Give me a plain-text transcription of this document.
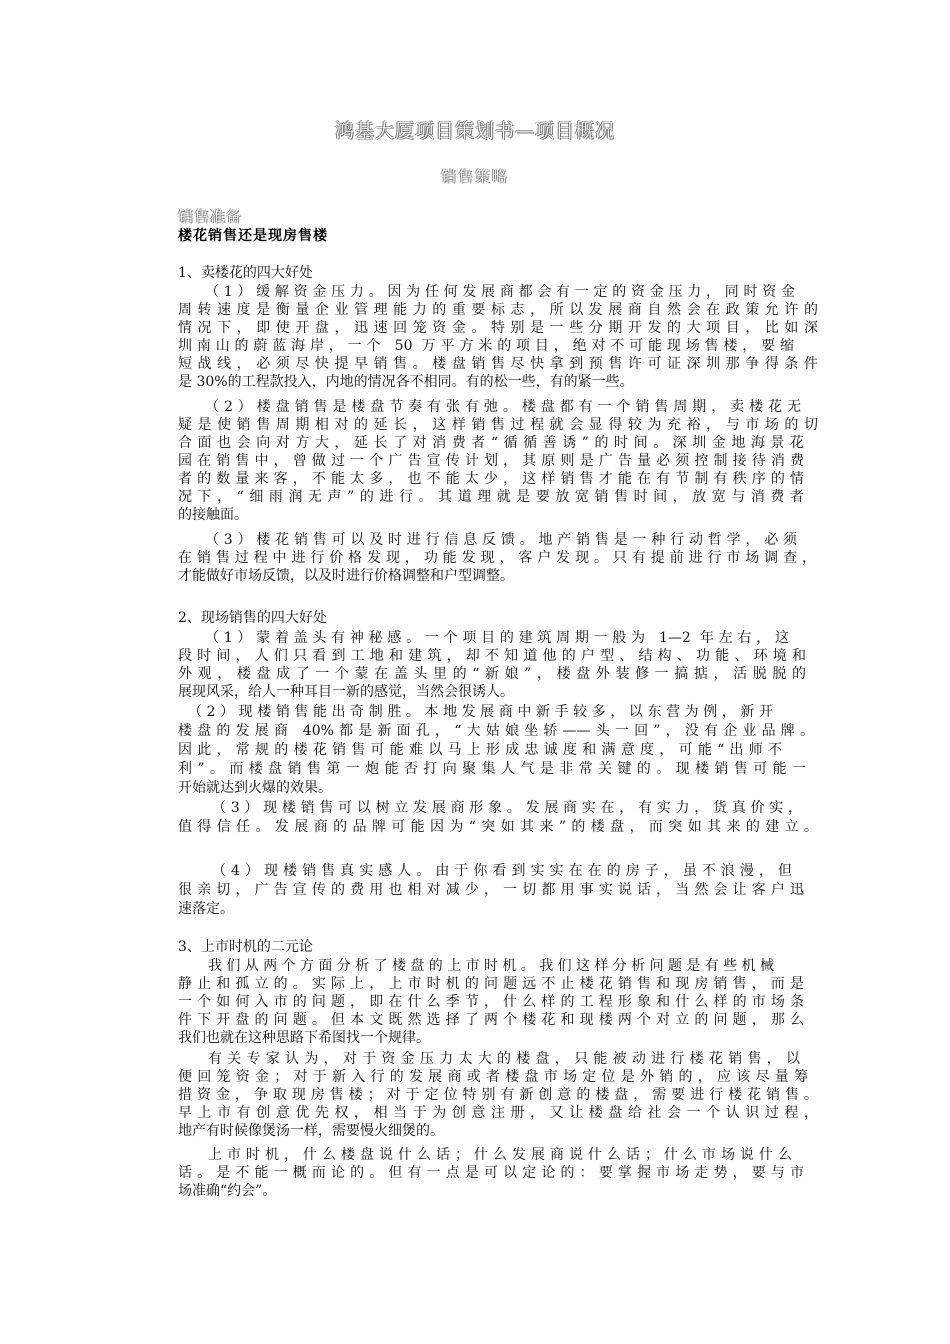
鸿基大厦项目策划书—项目概况
销售策略
销售准备
楼花销售还是现房售楼
1、卖楼花的四大好处
（1）缓解资金压力。因为任何发展商都会有一定的资金压力，同时资金
周转速度是衡量企业管理能力的重要标志，所以发展商自然会在政策允许的
情况下，即使开盘，迅速回笼资金。特别是一些分期开发的大项目，比如深
圳南山的蔚蓝海岸，一个 50 万平方米的项目，绝对不可能现场售楼，要缩
短战线，必须尽快提早销售。楼盘销售尽快拿到预售许可证深圳那争得条件
是 30%的工程款投入，内地的情况各不相同。有的松一些，有的紧一些。
（2）楼盘销售是楼盘节奏有张有弛。楼盘都有一个销售周期，卖楼花无
疑是使销售周期相对的延长，这样销售过程就会显得较为充裕，与市场的切
合面也会向对方大，延长了对消费者“循循善诱”的时间。深圳金地海景花
园在销售中，曾做过一个广告宣传计划，其原则是广告量必须控制接待消费
者的数量来客，不能太多，也不能太少，这样销售才能在有节制有秩序的情
况下，“细雨润无声”的进行。其道理就是要放宽销售时间，放宽与消费者
的接触面。
（3）楼花销售可以及时进行信息反馈。地产销售是一种行动哲学，必须
在销售过程中进行价格发现，功能发现，客户发现。只有提前进行市场调查，
才能做好市场反馈，以及时进行价格调整和户型调整。
2、现场销售的四大好处
（1）蒙着盖头有神秘感。一个项目的建筑周期一般为 1—2 年左右，这
段时间，人们只看到工地和建筑，却不知道他的户型、结构、功能、环境和
外观，楼盘成了一个蒙在盖头里的“新娘”，楼盘外装修一搞掂，活脱脱的
展现风采，给人一种耳目一新的感觉，当然会很诱人。
（2）现楼销售能出奇制胜。本地发展商中新手较多，以东营为例，新开
楼盘的发展商 40%都是新面孔，“大姑娘坐轿——头一回”，没有企业品牌。
因此，常规的楼花销售可能难以马上形成忠诚度和满意度，可能“出师不
利”。而楼盘销售第一炮能否打向聚集人气是非常关键的。现楼销售可能一
开始就达到火爆的效果。
（3）现楼销售可以树立发展商形象。发展商实在，有实力，货真价实，
值得信任。发展商的品牌可能因为“突如其来”的楼盘，而突如其来的建立。
（4）现楼销售真实感人。由于你看到实实在在的房子，虽不浪漫，但
很亲切，广告宣传的费用也相对减少，一切都用事实说话，当然会让客户迅
速落定。
3、上市时机的二元论
我们从两个方面分析了楼盘的上市时机。我们这样分析问题是有些机械
静止和孤立的。实际上，上市时机的问题远不止楼花销售和现房销售，而是
一个如何入市的问题，即在什么季节，什么样的工程形象和什么样的市场条
件下开盘的问题。但本文既然选择了两个楼花和现楼两个对立的问题，那么
我们也就在这种思路下希图找一个规律。
有关专家认为，对于资金压力太大的楼盘，只能被动进行楼花销售，以
便回笼资金；对于新入行的发展商或者楼盘市场定位是外销的，应该尽量筹
措资金，争取现房售楼；对于定位特别有新创意的楼盘，需要进行楼花销售。
早上市有创意优先权，相当于为创意注册，又让楼盘给社会一个认识过程，
地产有时候像煲汤一样，需要慢火细煲的。
上市时机，什么楼盘说什么话；什么发展商说什么话；什么市场说什么
话。是不能一概而论的。但有一点是可以定论的：要掌握市场走势，要与市
场准确“约会”。
